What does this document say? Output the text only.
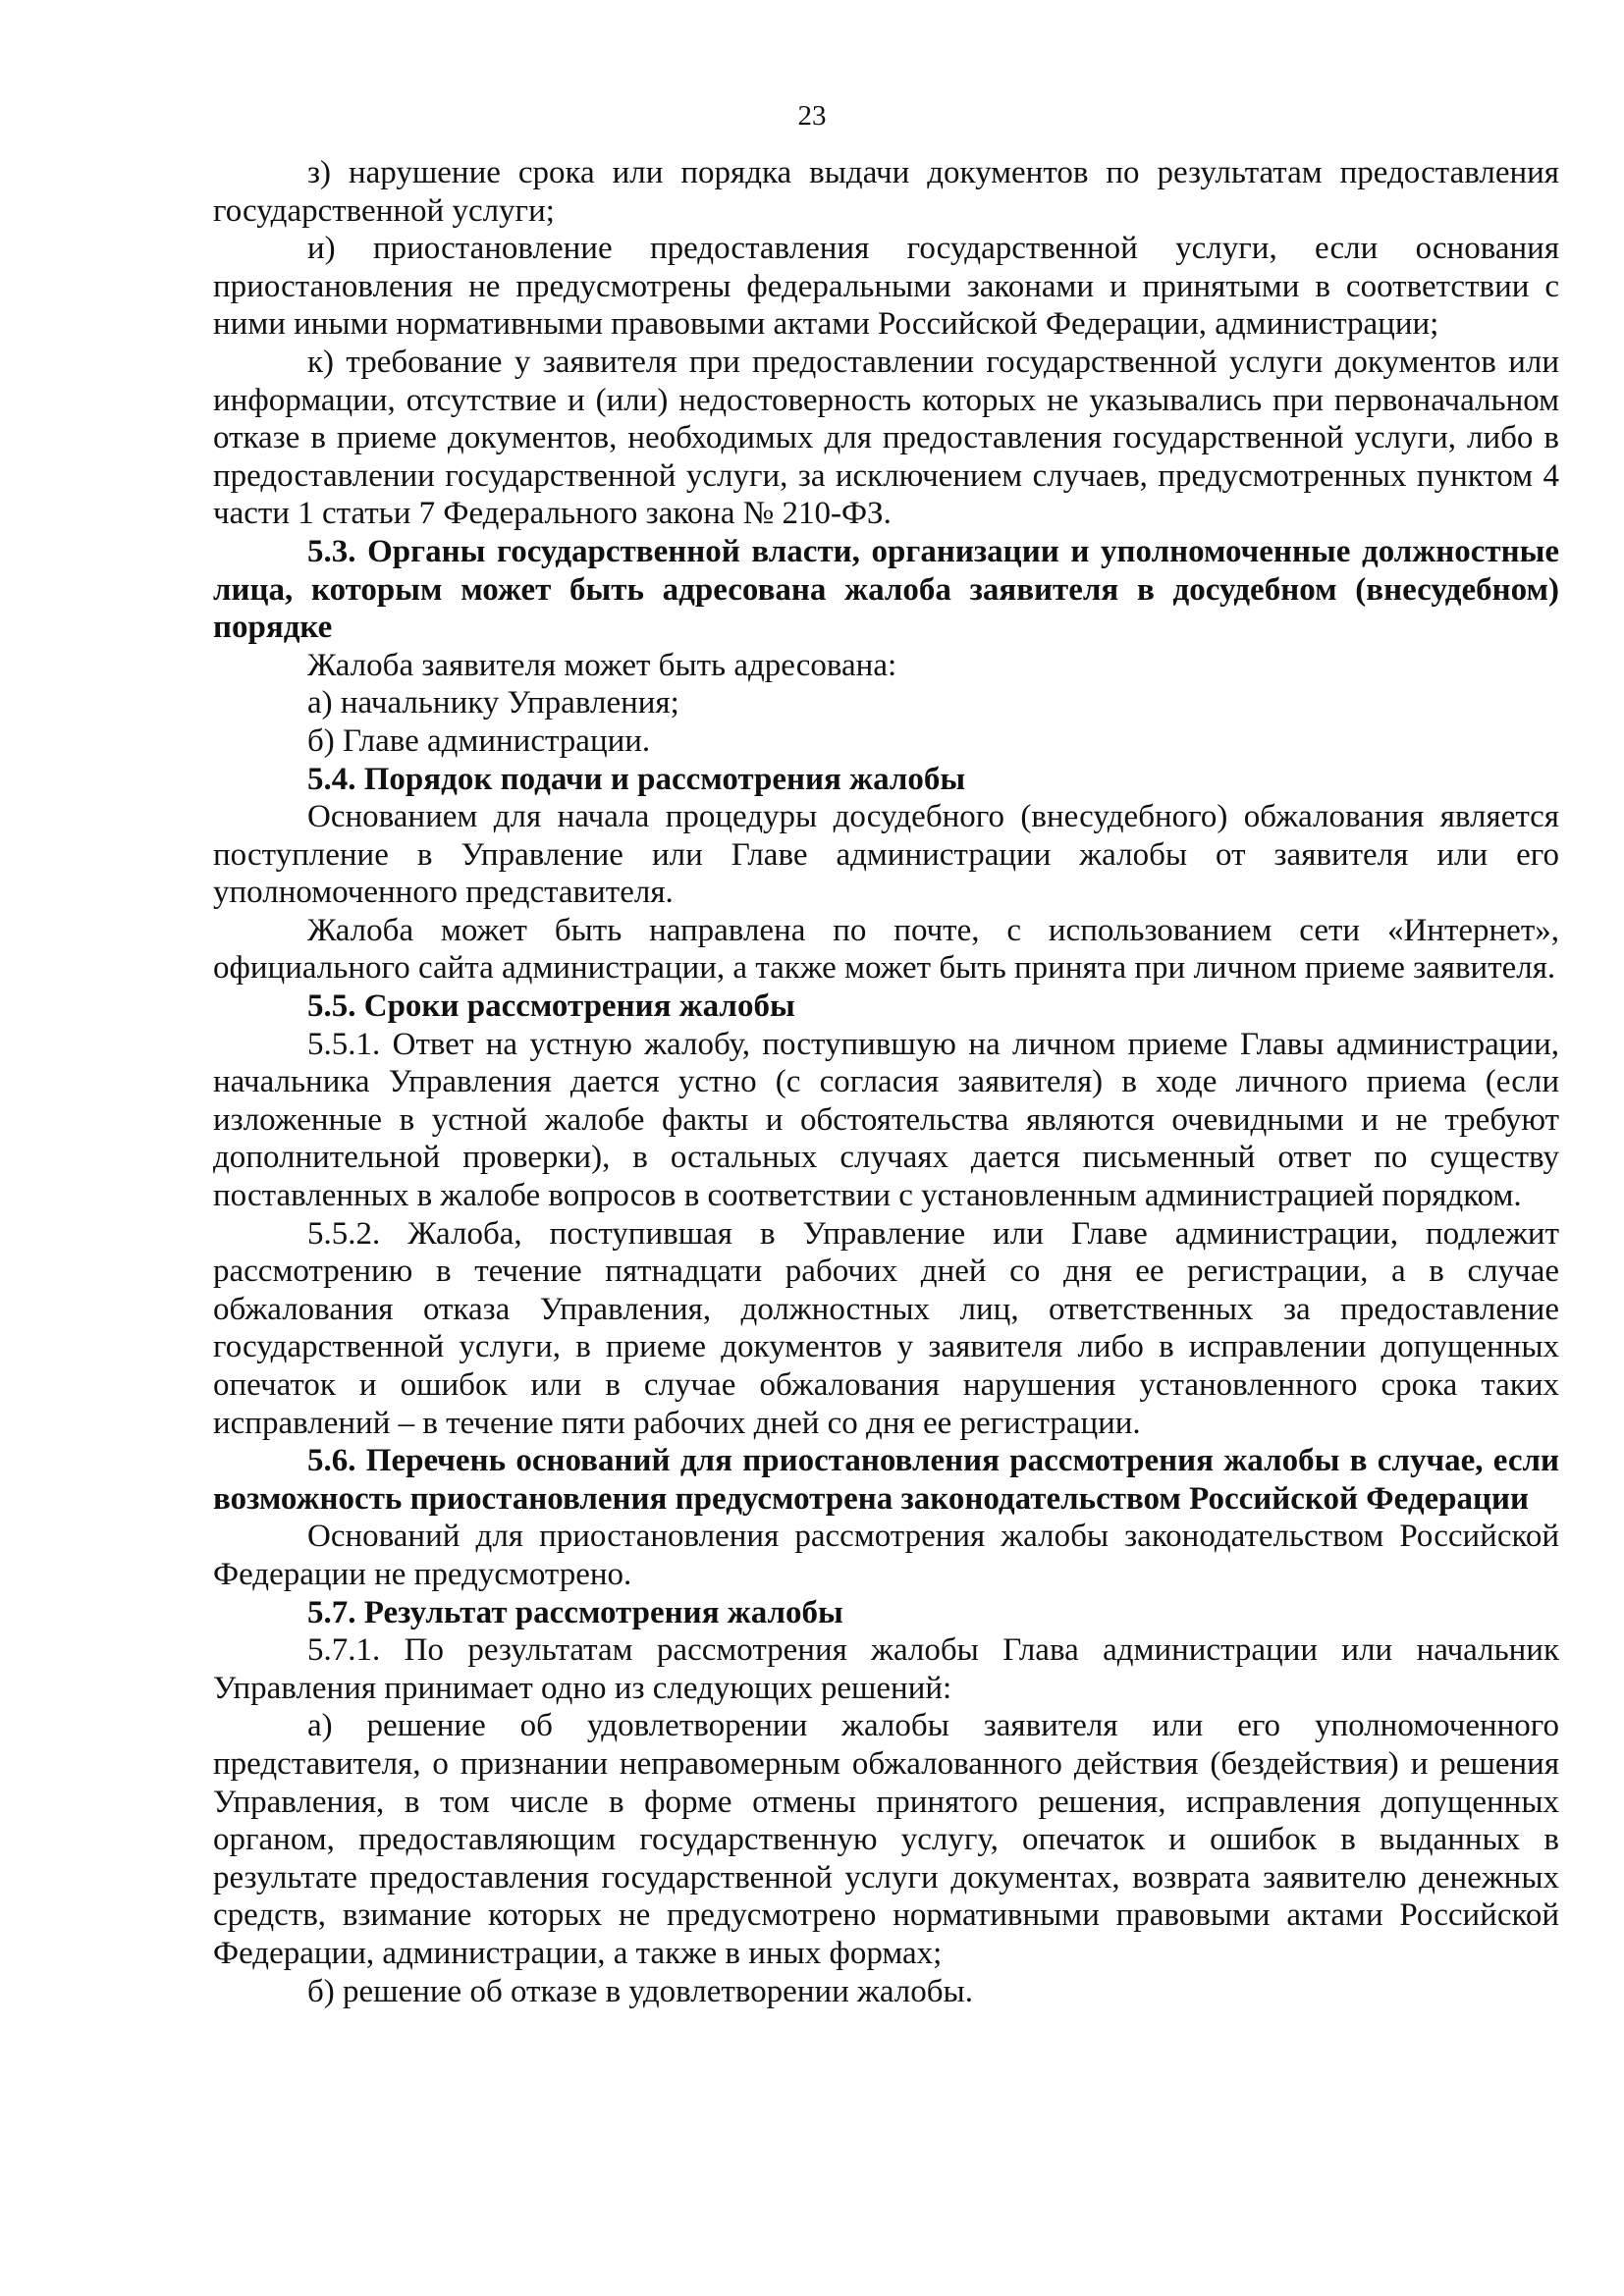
23

з) нарушение срока или порядка выдачи документов по результатам предоставления государственной услуги;

и) приостановление предоставления государственной услуги, если основания приостановления не предусмотрены федеральными законами и принятыми в соответствии с ними иными нормативными правовыми актами Российской Федерации, администрации;

к) требование у заявителя при предоставлении государственной услуги документов или информации, отсутствие и (или) недостоверность которых не указывались при первоначальном отказе в приеме документов, необходимых для предоставления государственной услуги, либо в предоставлении государственной услуги, за исключением случаев, предусмотренных пунктом 4 части 1 статьи 7 Федерального закона № 210-ФЗ.

5.3. Органы государственной власти, организации и уполномоченные должностные лица, которым может быть адресована жалоба заявителя в досудебном (внесудебном) порядке

Жалоба заявителя может быть адресована:

а) начальнику Управления;

б) Главе администрации.

5.4. Порядок подачи и рассмотрения жалобы

Основанием для начала процедуры досудебного (внесудебного) обжалования является поступление в Управление или Главе администрации жалобы от заявителя или его уполномоченного представителя.

Жалоба может быть направлена по почте, с использованием сети «Интернет», официального сайта администрации, а также может быть принята при личном приеме заявителя.

5.5. Сроки рассмотрения жалобы

5.5.1. Ответ на устную жалобу, поступившую на личном приеме Главы администрации, начальника Управления дается устно (с согласия заявителя) в ходе личного приема (если изложенные в устной жалобе факты и обстоятельства являются очевидными и не требуют дополнительной проверки), в остальных случаях дается письменный ответ по существу поставленных в жалобе вопросов в соответствии с установленным администрацией порядком.

5.5.2. Жалоба, поступившая в Управление или Главе администрации, подлежит рассмотрению в течение пятнадцати рабочих дней со дня ее регистрации, а в случае обжалования отказа Управления, должностных лиц, ответственных за предоставление государственной услуги, в приеме документов у заявителя либо в исправлении допущенных опечаток и ошибок или в случае обжалования нарушения установленного срока таких исправлений – в течение пяти рабочих дней со дня ее регистрации.

5.6. Перечень оснований для приостановления рассмотрения жалобы в случае, если возможность приостановления предусмотрена законодательством Российской Федерации

Оснований для приостановления рассмотрения жалобы законодательством Российской Федерации не предусмотрено.

5.7. Результат рассмотрения жалобы

5.7.1. По результатам рассмотрения жалобы Глава администрации или начальник Управления принимает одно из следующих решений:

а) решение об удовлетворении жалобы заявителя или его уполномоченного представителя, о признании неправомерным обжалованного действия (бездействия) и решения Управления, в том числе в форме отмены принятого решения, исправления допущенных органом, предоставляющим государственную услугу, опечаток и ошибок в выданных в результате предоставления государственной услуги документах, возврата заявителю денежных средств, взимание которых не предусмотрено нормативными правовыми актами Российской Федерации, администрации, а также в иных формах;

б) решение об отказе в удовлетворении жалобы.
